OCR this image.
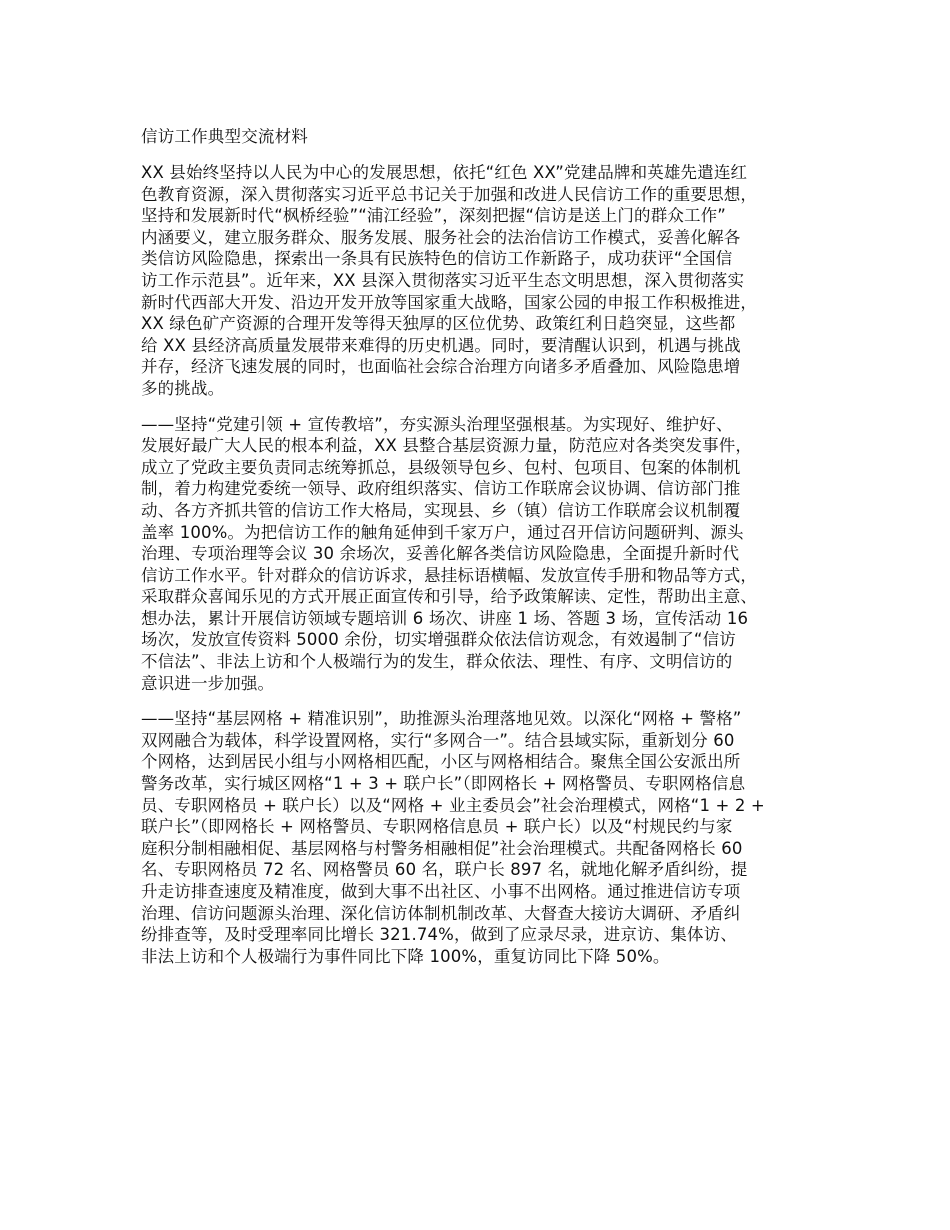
信访工作典型交流材料
XX 县始终坚持以人民为中心的发展思想，依托“红色 XX”党建品牌和英雄先遣连红
色教育资源，深入贯彻落实习近平总书记关于加强和改进人民信访工作的重要思想，
坚持和发展新时代“枫桥经验”“浦江经验”，深刻把握“信访是送上门的群众工作”
内涵要义，建立服务群众、服务发展、服务社会的法治信访工作模式，妥善化解各
类信访风险隐患，探索出一条具有民族特色的信访工作新路子，成功获评“全国信
访工作示范县”。近年来，XX 县深入贯彻落实习近平生态文明思想，深入贯彻落实
新时代西部大开发、沿边开发开放等国家重大战略，国家公园的申报工作积极推进，
XX 绿色矿产资源的合理开发等得天独厚的区位优势、政策红利日趋突显，这些都
给 XX 县经济高质量发展带来难得的历史机遇。同时，要清醒认识到，机遇与挑战
并存，经济飞速发展的同时，也面临社会综合治理方向诸多矛盾叠加、风险隐患增
多的挑战。
——坚持“党建引领 + 宣传教培”，夯实源头治理坚强根基。为实现好、维护好、
发展好最广大人民的根本利益，XX 县整合基层资源力量，防范应对各类突发事件，
成立了党政主要负责同志统筹抓总，县级领导包乡、包村、包项目、包案的体制机
制，着力构建党委统一领导、政府组织落实、信访工作联席会议协调、信访部门推
动、各方齐抓共管的信访工作大格局，实现县、乡（镇）信访工作联席会议机制覆
盖率 100%。为把信访工作的触角延伸到千家万户，通过召开信访问题研判、源头
治理、专项治理等会议 30 余场次，妥善化解各类信访风险隐患，全面提升新时代
信访工作水平。针对群众的信访诉求，悬挂标语横幅、发放宣传手册和物品等方式，
采取群众喜闻乐见的方式开展正面宣传和引导，给予政策解读、定性，帮助出主意、
想办法，累计开展信访领域专题培训 6 场次、讲座 1 场、答题 3 场，宣传活动 16
场次，发放宣传资料 5000 余份，切实增强群众依法信访观念，有效遏制了“信访
不信法”、非法上访和个人极端行为的发生，群众依法、理性、有序、文明信访的
意识进一步加强。
——坚持“基层网格 + 精准识别”，助推源头治理落地见效。以深化“网格 + 警格”
双网融合为载体，科学设置网格，实行“多网合一”。结合县域实际，重新划分 60
个网格，达到居民小组与小网格相匹配，小区与网格相结合。聚焦全国公安派出所
警务改革，实行城区网格“1 + 3 + 联户长”（即网格长 + 网格警员、专职网格信息
员、专职网格员 + 联户长）以及“网格 + 业主委员会”社会治理模式，网格“1 + 2 +
联户长”（即网格长 + 网格警员、专职网格信息员 + 联户长）以及“村规民约与家
庭积分制相融相促、基层网格与村警务相融相促”社会治理模式。共配备网格长 60
名、专职网格员 72 名、网格警员 60 名，联户长 897 名，就地化解矛盾纠纷，提
升走访排查速度及精准度，做到大事不出社区、小事不出网格。通过推进信访专项
治理、信访问题源头治理、深化信访体制机制改革、大督查大接访大调研、矛盾纠
纷排查等，及时受理率同比增长 321.74%，做到了应录尽录，进京访、集体访、
非法上访和个人极端行为事件同比下降 100%，重复访同比下降 50%。
